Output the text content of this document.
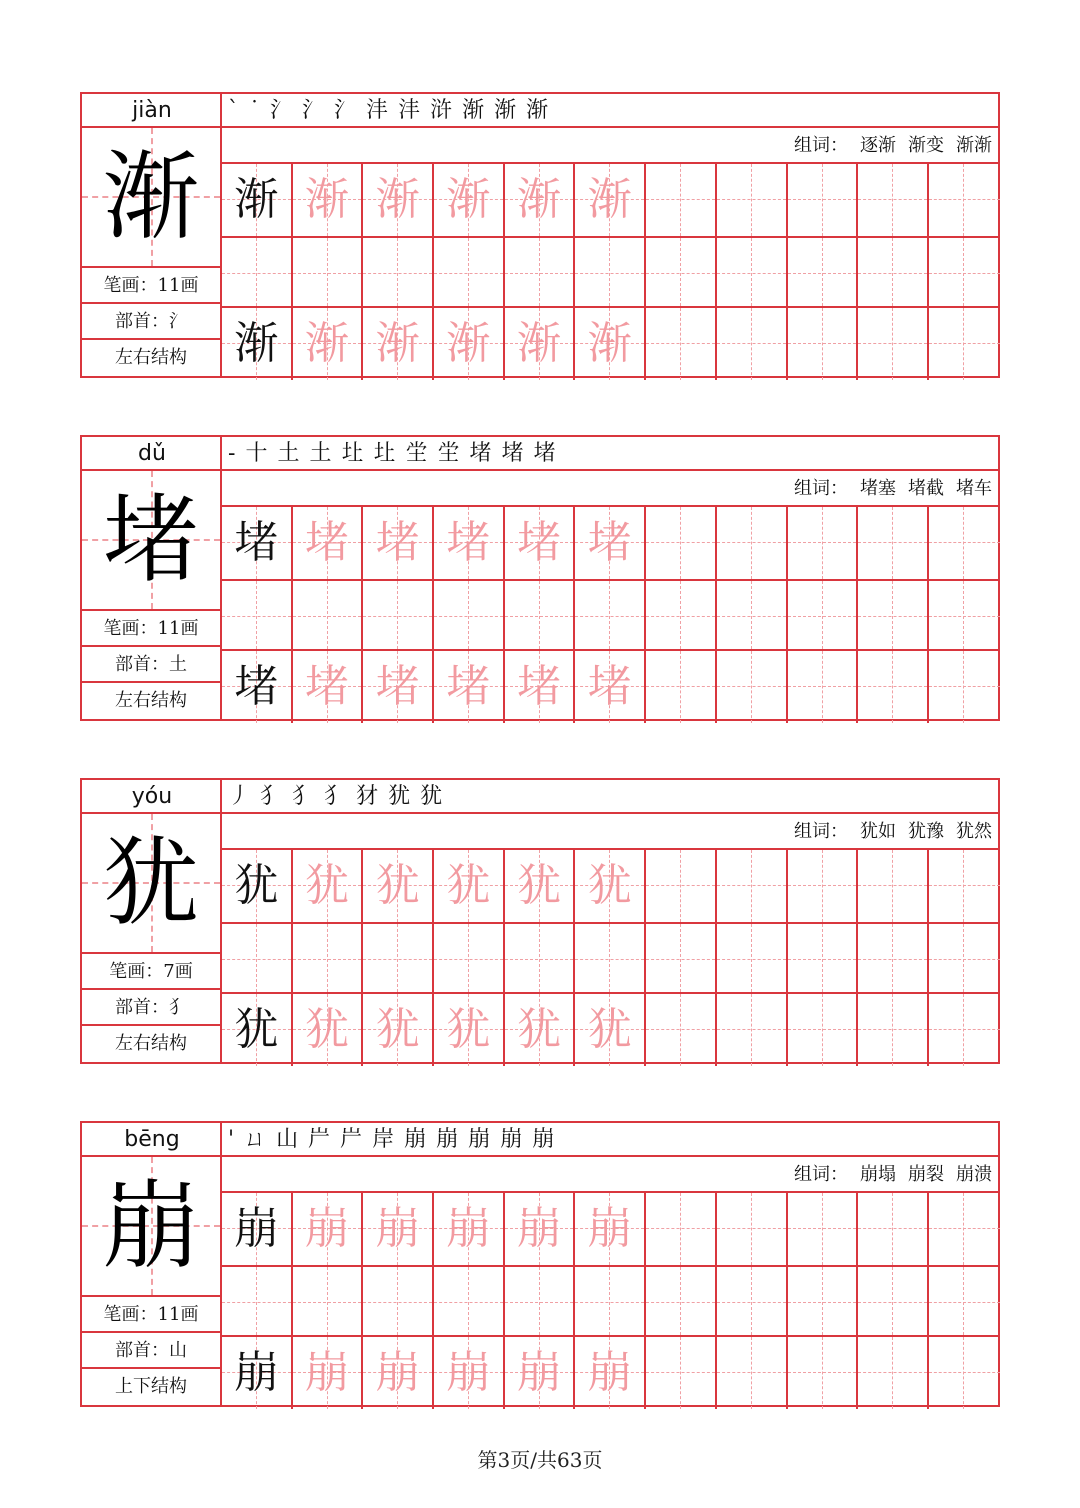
jiàn
渐
笔画：11画
部首：氵
左右结构
` ˙ 氵 氵 氵 沣 沣 浒 渐 渐 渐
组词： 逐渐 渐变 渐渐
渐 渐 渐 渐 渐 渐
渐 渐 渐 渐 渐 渐
dǔ
堵
笔画：11画
部首：土
左右结构
- 十 土 土 圵 圵 坣 坣 堵 堵 堵
组词： 堵塞 堵截 堵车
堵 堵 堵 堵 堵 堵
堵 堵 堵 堵 堵 堵
yóu
犹
笔画：7画
部首：犭
左右结构
丿 犭 犭 犭 犲 犹 犹
组词： 犹如 犹豫 犹然
犹 犹 犹 犹 犹 犹
犹 犹 犹 犹 犹 犹
bēng
崩
笔画：11画
部首：山
上下结构
' ㄩ 山 屵 屵 岸 崩 崩 崩 崩 崩
组词： 崩塌 崩裂 崩溃
崩 崩 崩 崩 崩 崩
崩 崩 崩 崩 崩 崩
第3页/共63页
